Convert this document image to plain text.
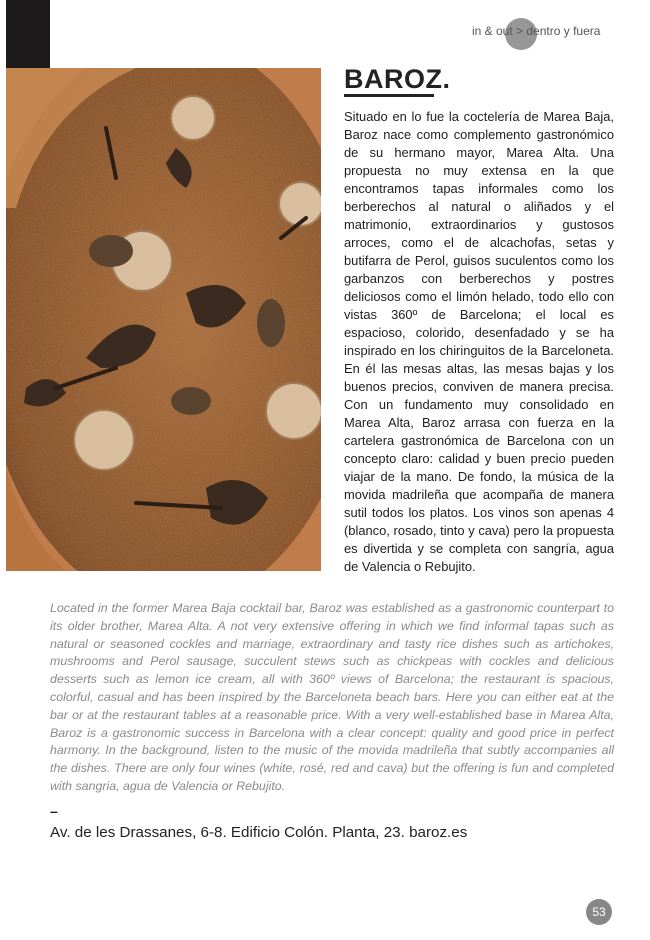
in & out > dentro y fuera
BAROZ.

Situado en lo fue la coctelería de Marea Baja, Baroz nace como complemento gastronómico de su hermano mayor, Marea Alta. Una propuesta no muy extensa en la que encontramos tapas informales como los berberechos al natural o aliñados y el matrimonio, extraordinarios y gustosos arroces, como el de alcachofas, setas y butifarra de Perol, guisos suculentos como los garbanzos con berberechos y postres deliciosos como el limón helado, todo ello con vistas 360º de Barcelona; el local es espacioso, colorido, desenfadado y se ha inspirado en los chiringuitos de la Barceloneta. En él las mesas altas, las mesas bajas y los buenos precios, conviven de manera precisa. Con un fundamento muy consolidado en Marea Alta, Baroz arrasa con fuerza en la cartelera gastronómica de Barcelona con un concepto claro: calidad y buen precio pueden viajar de la mano. De fondo, la música de la movida madrileña que acompaña de manera sutil todos los platos. Los vinos son apenas 4 (blanco, rosado, tinto y cava) pero la propuesta es divertida y se completa con sangría, agua de Valencia o Rebujito.

Located in the former Marea Baja cocktail bar, Baroz was established as a gastronomic counterpart to its older brother, Marea Alta. A not very extensive offering in which we find informal tapas such as natural or seasoned cockles and marriage, extraordinary and tasty rice dishes such as artichokes, mushrooms and Perol sausage, succulent stews such as chickpeas with cockles and delicious desserts such as lemon ice cream, all with 360º views of Barcelona; the restaurant is spacious, colorful, casual and has been inspired by the Barceloneta beach bars. Here you can either eat at the bar or at the restaurant tables at a reasonable price. With a very well-established base in Marea Alta, Baroz is a gastronomic success in Barcelona with a clear concept: quality and good price in perfect harmony. In the background, listen to the music of the movida madrileña that subtly accompanies all the dishes. There are only four wines (white, rosé, red and cava) but the offering is fun and completed with sangria, agua de Valencia or Rebujito.

–
Av. de les Drassanes, 6-8. Edificio Colón. Planta, 23. baroz.es
53
